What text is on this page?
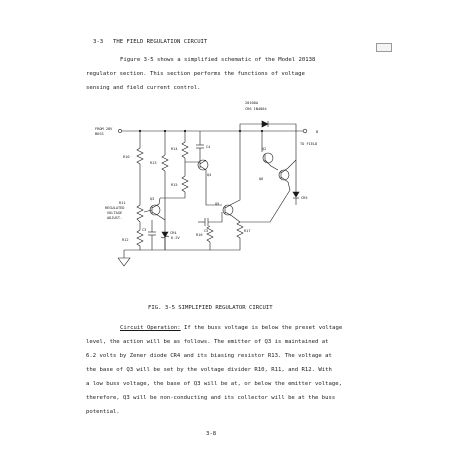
3-3 THE FIELD REGULATION CIRCUIT
Figure 3-5 shows a simplified schematic of the Model 20138
regulator section. This section performs the functions of voltage
sensing and field current control.
20108A
CR6 1N4004
FROM 28V
BUSS	B
TO FIELD
R10
R13
R14	C4
Q4
R15
Q3
R11
REGULATED
VOLTAGE
ADJUST.
R12
C3
CR4
6.2V
Q5
C5
R16
R17
Q2
Q6
CR5
FIG. 3-5 SIMPLIFIED REGULATOR CIRCUIT
Circuit Operation: If the buss voltage is below the preset voltage
level, the action will be as follows. The emitter of Q3 is maintained at
6.2 volts by Zener diode CR4 and its biasing resistor R13. The voltage at
the base of Q3 will be set by the voltage divider R10, R11, and R12. With
a low buss voltage, the base of Q3 will be at, or below the emitter voltage,
therefore, Q3 will be non-conducting and its collector will be at the buss
potential.
3-8
